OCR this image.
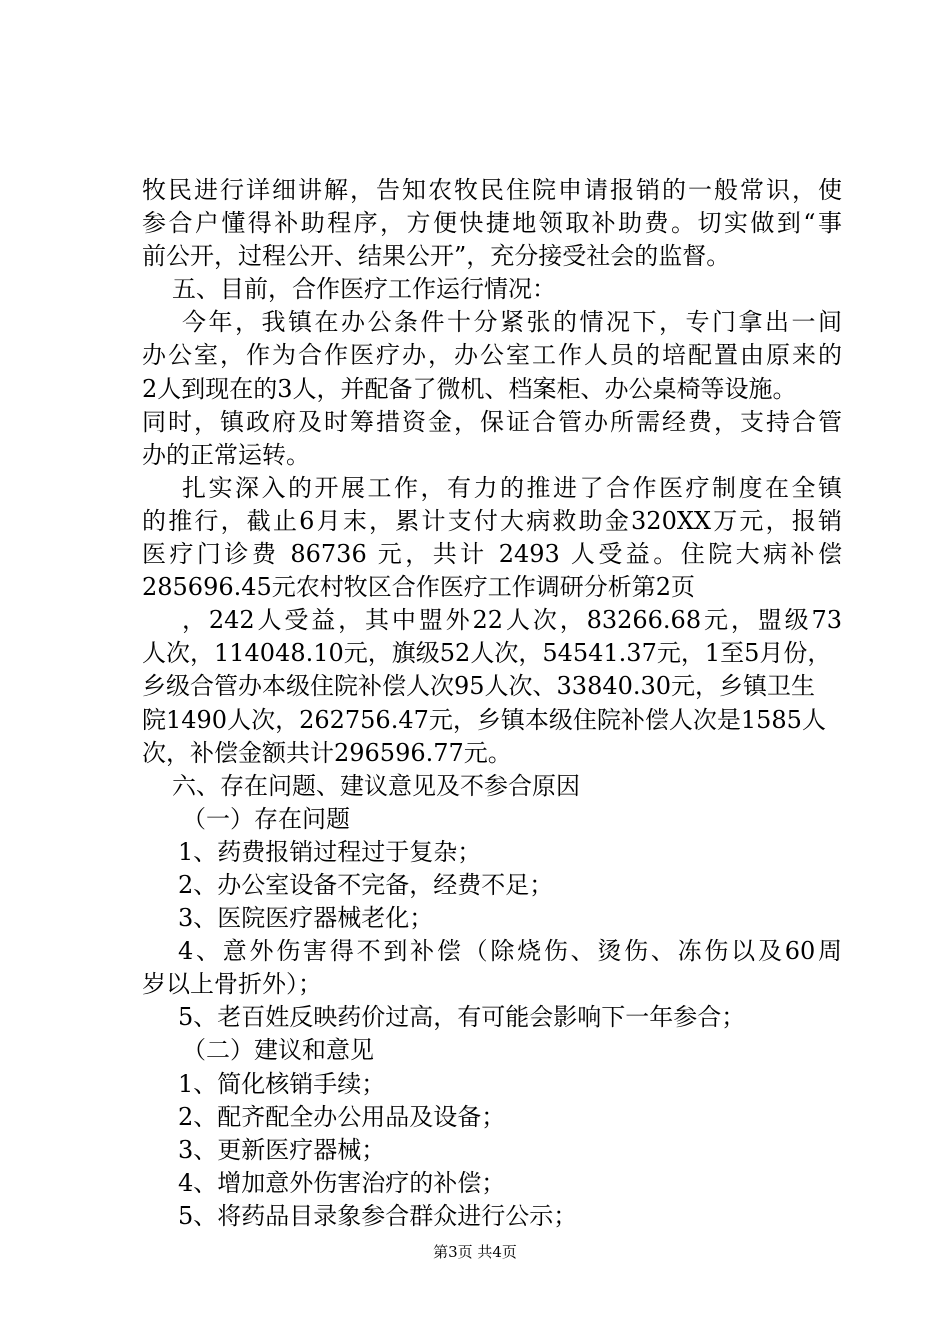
牧民进行详细讲解，告知农牧民住院申请报销的一般常识，使
参合户懂得补助程序，方便快捷地领取补助费。切实做到“事
前公开，过程公开、结果公开”，充分接受社会的监督。
五、目前，合作医疗工作运行情况：
今年，我镇在办公条件十分紧张的情况下，专门拿出一间
办公室，作为合作医疗办，办公室工作人员的培配置由原来的
2人到现在的3人，并配备了微机、档案柜、办公桌椅等设施。
同时，镇政府及时筹措资金，保证合管办所需经费，支持合管
办的正常运转。
扎实深入的开展工作，有力的推进了合作医疗制度在全镇
的推行，截止6月末，累计支付大病救助金320XX万元，报销
医疗门诊费 86736 元，共计 2493 人受益。住院大病补偿
285696.45元农村牧区合作医疗工作调研分析第2页
，242人受益，其中盟外22人次，83266.68元，盟级73
人次，114048.10元，旗级52人次，54541.37元，1至5月份，
乡级合管办本级住院补偿人次95人次、33840.30元，乡镇卫生
院1490人次，262756.47元，乡镇本级住院补偿人次是1585人
次，补偿金额共计296596.77元。
六、存在问题、建议意见及不参合原因
（一）存在问题
1、药费报销过程过于复杂；
2、办公室设备不完备，经费不足；
3、医院医疗器械老化；
4、意外伤害得不到补偿（除烧伤、烫伤、冻伤以及60周
岁以上骨折外）；
5、老百姓反映药价过高，有可能会影响下一年参合；
（二）建议和意见
1、简化核销手续；
2、配齐配全办公用品及设备；
3、更新医疗器械；
4、增加意外伤害治疗的补偿；
5、将药品目录象参合群众进行公示；
第3页 共4页
